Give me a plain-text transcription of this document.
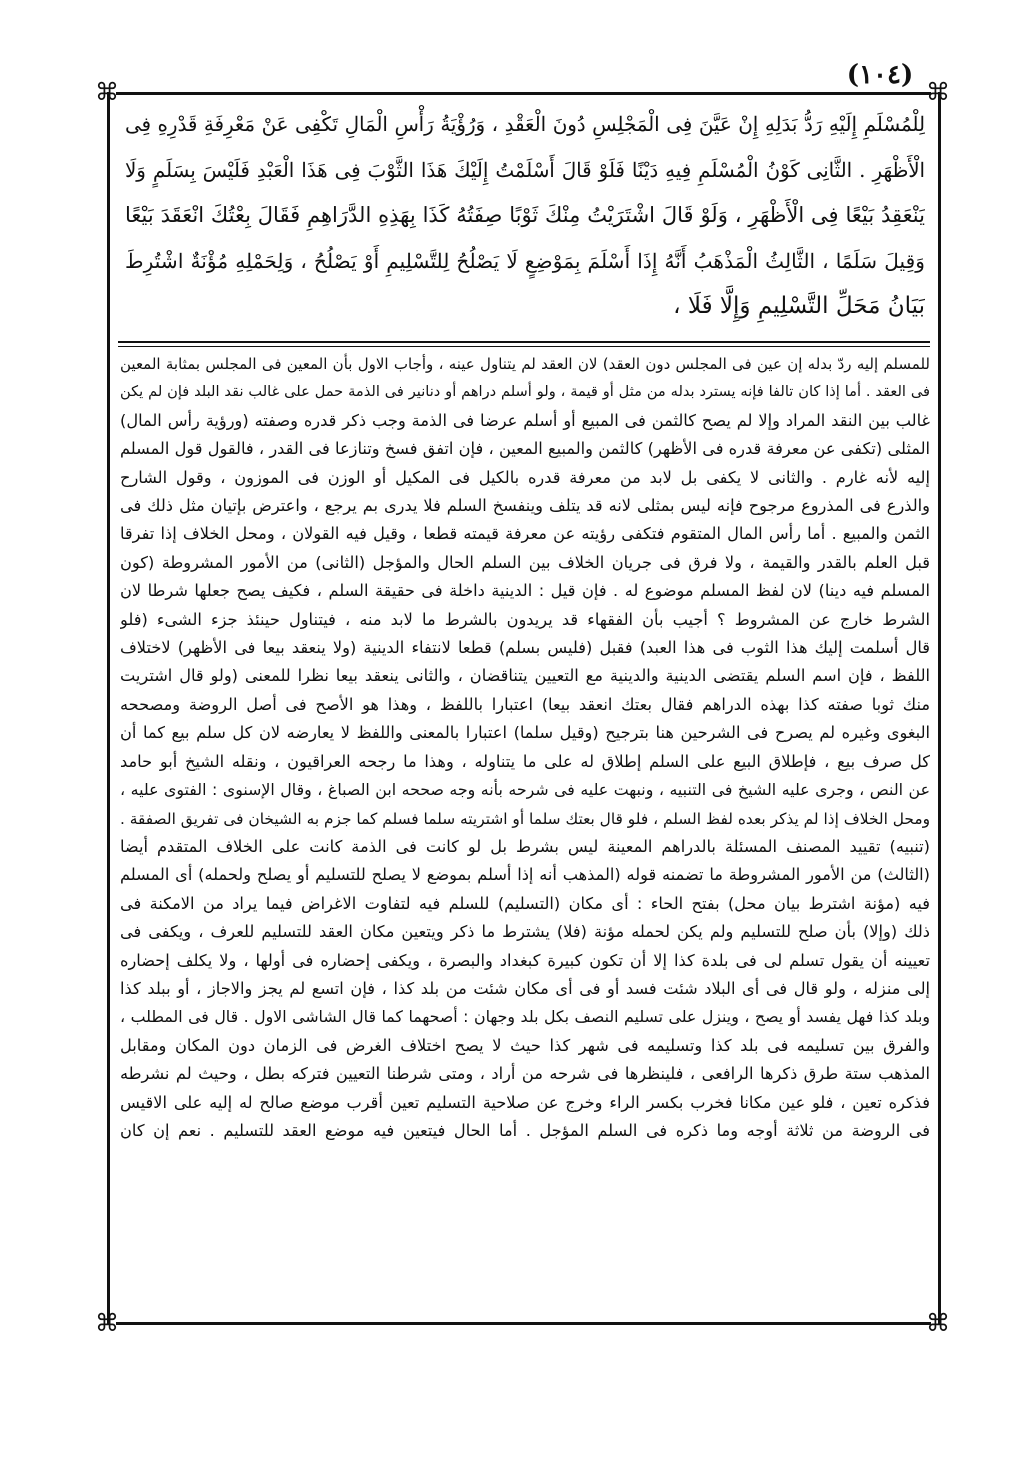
(١٠٤)
⌘	⌘
⌘	⌘
لِلْمُسْلَمِ إِلَيْهِ رَدُّ بَدَلِهِ إِنْ عَيَّنَ فِى الْمَجْلِسِ دُونَ الْعَقْدِ ، وَرُؤْيَةُ رَأْسِ الْمَالِ تَكْفِى عَنْ مَعْرِفَةِ قَدْرِهِ فِى
الْأَظْهَرِ . الثَّانِى كَوْنُ الْمُسْلَمِ فِيهِ دَيْنًا فَلَوْ قَالَ أَسْلَمْتُ إِلَيْكَ هَذَا الثَّوْبَ فِى هَذَا الْعَبْدِ فَلَيْسَ بِسَلَمٍ وَلَا
يَنْعَقِدُ بَيْعًا فِى الْأَظْهَرِ ، وَلَوْ قَالَ اشْتَرَيْتُ مِنْكَ ثَوْبًا صِفَتُهُ كَذَا بِهَذِهِ الدَّرَاهِمِ فَقَالَ بِعْتُكَ انْعَقَدَ بَيْعًا
وَقِيلَ سَلَمًا ، الثَّالِثُ الْمَذْهَبُ أَنَّهُ إِذَا أَسْلَمَ بِمَوْضِعٍ لَا يَصْلُحُ لِلتَّسْلِيمِ أَوْ يَصْلُحُ ، وَلِحَمْلِهِ مُؤْنَةٌ اشْتُرِطَ
بَيَانُ مَحَلِّ التَّسْلِيمِ وَإِلَّا فَلَا ،
للمسلم إليه ردّ بدله إن عين فى المجلس دون العقد) لان العقد لم يتناول عينه ، وأجاب الاول بأن المعين فى المجلس بمثابة المعين
فى العقد . أما إذا كان تالفا فإنه يسترد بدله من مثل أو قيمة ، ولو أسلم دراهم أو دنانير فى الذمة حمل على غالب نقد البلد فإن لم يكن
غالب بين النقد المراد وإلا لم يصح كالثمن فى المبيع أو أسلم عرضا فى الذمة وجب ذكر قدره وصفته (ورؤية رأس المال)
المثلى (تكفى عن معرفة قدره فى الأظهر) كالثمن والمبيع المعين ، فإن اتفق فسخ وتنازعا فى القدر ، فالقول قول المسلم
إليه لأنه غارم . والثانى لا يكفى بل لابد من معرفة قدره بالكيل فى المكيل أو الوزن فى الموزون ، وقول الشارح
والذرع فى المذروع مرجوح فإنه ليس بمثلى لانه قد يتلف وينفسخ السلم فلا يدرى بم يرجع ، واعترض بإتيان مثل ذلك فى
الثمن والمبيع . أما رأس المال المتقوم فتكفى رؤيته عن معرفة قيمته قطعا ، وقيل فيه القولان ، ومحل الخلاف إذا تفرقا
قبل العلم بالقدر والقيمة ، ولا فرق فى جريان الخلاف بين السلم الحال والمؤجل (الثانى) من الأمور المشروطة (كون
المسلم فيه دينا) لان لفظ المسلم موضوع له . فإن قيل : الدينية داخلة فى حقيقة السلم ، فكيف يصح جعلها شرطا لان
الشرط خارج عن المشروط ؟ أجيب بأن الفقهاء قد يريدون بالشرط ما لابد منه ، فيتناول حينئذ جزء الشىء (فلو
قال أسلمت إليك هذا الثوب فى هذا العبد) فقبل (فليس بسلم) قطعا لانتفاء الدينية (ولا ينعقد بيعا فى الأظهر) لاختلاف
اللفظ ، فإن اسم السلم يقتضى الدينية والدينية مع التعيين يتناقضان ، والثانى ينعقد بيعا نظرا للمعنى (ولو قال اشتريت
منك ثوبا صفته كذا بهذه الدراهم فقال بعتك انعقد بيعا) اعتبارا باللفظ ، وهذا هو الأصح فى أصل الروضة ومصححه
البغوى وغيره لم يصرح فى الشرحين هنا بترجيح (وقيل سلما) اعتبارا بالمعنى واللفظ لا يعارضه لان كل سلم بيع كما أن
كل صرف بيع ، فإطلاق البيع على السلم إطلاق له على ما يتناوله ، وهذا ما رجحه العراقيون ، ونقله الشيخ أبو حامد
عن النص ، وجرى عليه الشيخ فى التنبيه ، ونبهت عليه فى شرحه بأنه وجه صححه ابن الصباغ ، وقال الإسنوى : الفتوى عليه ،
ومحل الخلاف إذا لم يذكر بعده لفظ السلم ، فلو قال بعتك سلما أو اشتريته سلما فسلم كما جزم به الشيخان فى تفريق الصفقة .
(تنبيه) تقييد المصنف المسئلة بالدراهم المعينة ليس بشرط بل لو كانت فى الذمة كانت على الخلاف المتقدم أيضا
(الثالث) من الأمور المشروطة ما تضمنه قوله (المذهب أنه إذا أسلم بموضع لا يصلح للتسليم أو يصلح ولحمله) أى المسلم
فيه (مؤنة اشترط بيان محل) بفتح الحاء : أى مكان (التسليم) للسلم فيه لتفاوت الاغراض فيما يراد من الامكنة فى
ذلك (وإلا) بأن صلح للتسليم ولم يكن لحمله مؤنة (فلا) يشترط ما ذكر ويتعين مكان العقد للتسليم للعرف ، ويكفى فى
تعيينه أن يقول تسلم لى فى بلدة كذا إلا أن تكون كبيرة كبغداد والبصرة ، ويكفى إحضاره فى أولها ، ولا يكلف إحضاره
إلى منزله ، ولو قال فى أى البلاد شئت فسد أو فى أى مكان شئت من بلد كذا ، فإن اتسع لم يجز والاجاز ، أو ببلد كذا
وبلد كذا فهل يفسد أو يصح ، وينزل على تسليم النصف بكل بلد وجهان : أصحهما كما قال الشاشى الاول . قال فى المطلب ،
والفرق بين تسليمه فى بلد كذا وتسليمه فى شهر كذا حيث لا يصح اختلاف الغرض فى الزمان دون المكان ومقابل
المذهب ستة طرق ذكرها الرافعى ، فلينظرها فى شرحه من أراد ، ومتى شرطنا التعيين فتركه بطل ، وحيث لم نشرطه
فذكره تعين ، فلو عين مكانا فخرب بكسر الراء وخرج عن صلاحية التسليم تعين أقرب موضع صالح له إليه على الاقيس
فى الروضة من ثلاثة أوجه وما ذكره فى السلم المؤجل . أما الحال فيتعين فيه موضع العقد للتسليم . نعم إن كان
